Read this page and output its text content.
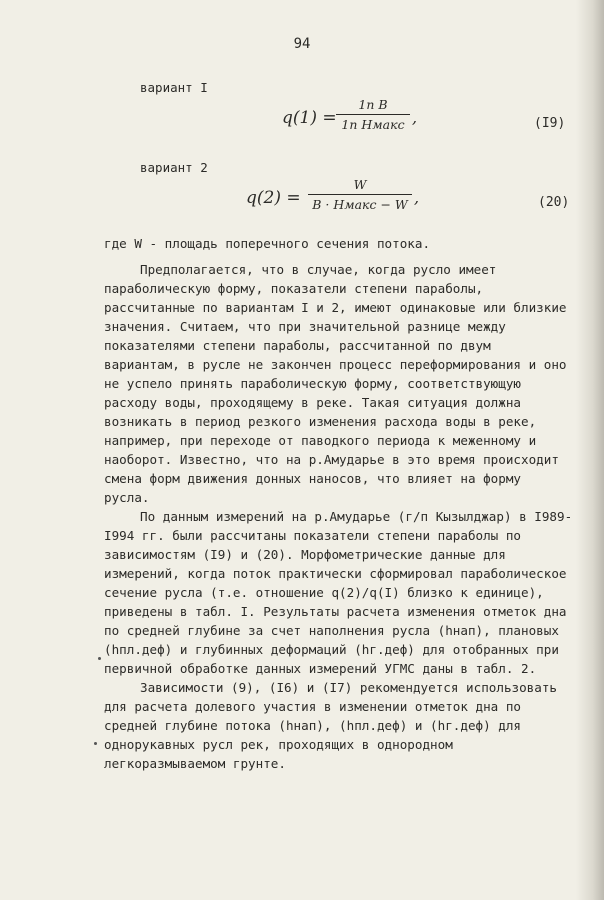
94
вариант I
q(1) =
1n B
1n Hмакс ,	(I9)
вариант 2
q(2) =
W
B · Hмакс − W ,	(20)

где W - площадь поперечного сечения потока.

Предполагается, что в случае, когда русло имеет параболическую форму, показатели степени параболы, рассчитанные по вариантам I и 2, имеют одинаковые или близкие значения. Считаем, что при значительной разнице между показателями степени параболы, рассчитанной по двум вариантам, в русле не закончен процесс переформирования и оно не успело принять параболическую форму, соответствующую расходу воды, проходящему в реке. Такая ситуация должна возникать в период резкого изменения расхода воды в реке, например, при переходе от паводкого периода к меженному и наоборот. Известно, что на р.Амударье в это время происходит смена форм движения донных наносов, что влияет на форму русла.

По данным измерений на р.Амударье (г/п Кызылджар) в I989-I994 гг. были рассчитаны показатели степени параболы по зависимостям (I9) и (20). Морфометрические данные для измерений, когда поток практически сформировал параболическое сечение русла (т.е. отношение q(2)/q(I) близко к единице), приведены в табл. I. Результаты расчета изменения отметок дна по средней глубине за счет наполнения русла (hнап), плановых (hпл.деф) и глубинных деформаций (hг.деф) для отобранных при первичной обработке данных измерений УГМС даны в табл. 2.

Зависимости (9), (I6) и (I7) рекомендуется использовать для расчета долевого участия в изменении отметок дна по средней глубине потока (hнап), (hпл.деф) и (hг.деф) для однорукавных русл рек, проходящих в однородном легкоразмываемом грунте.
